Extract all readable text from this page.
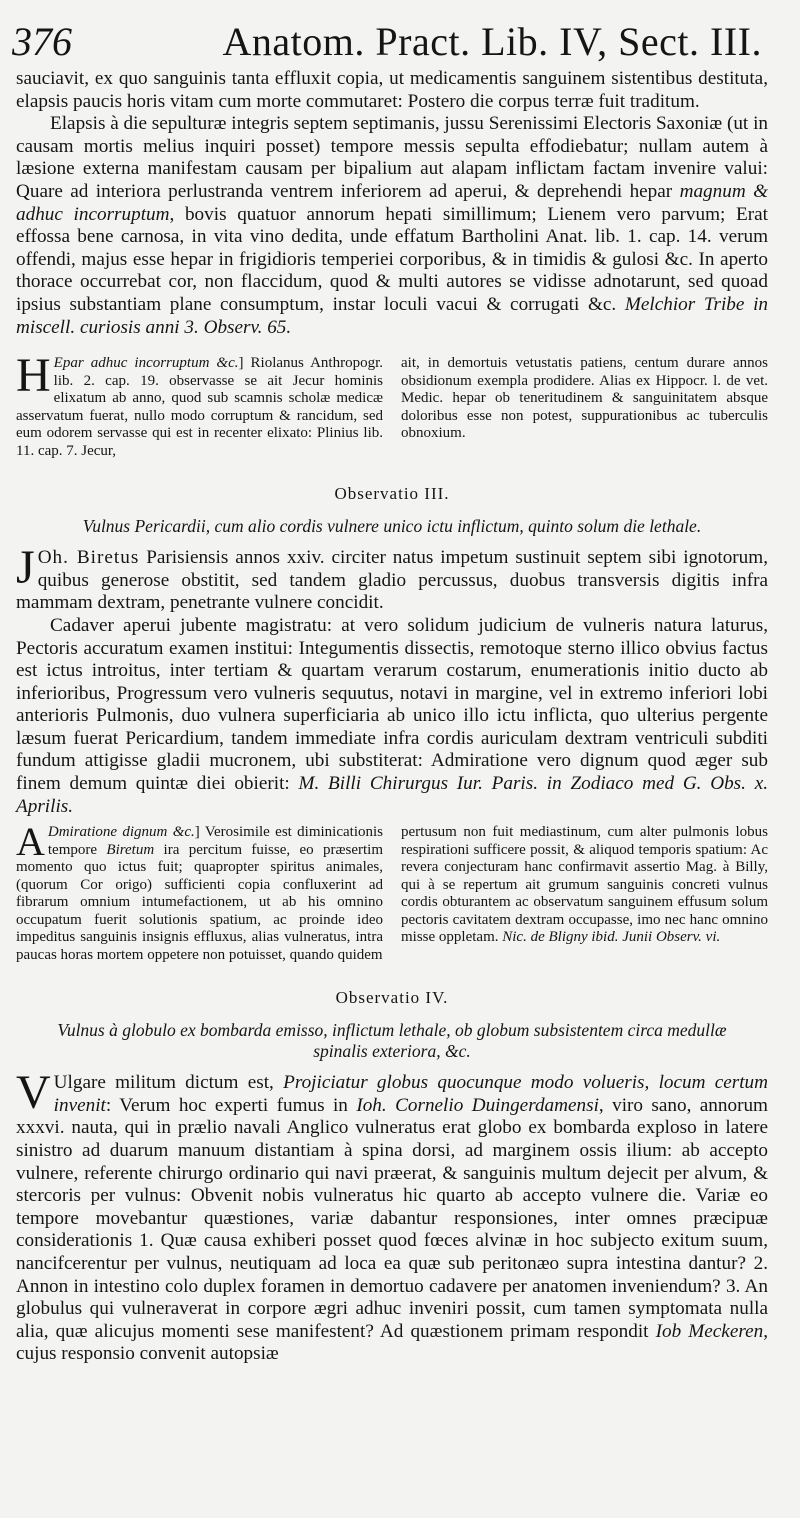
376	Anatom. Pract. Lib. IV, Sect. III.

sauciavit, ex quo sanguinis tanta effluxit copia, ut medicamentis sanguinem sistentibus destituta, elapsis paucis horis vitam cum morte commutaret: Postero die corpus terræ fuit traditum.

Elapsis à die sepulturæ integris septem septimanis, jussu Serenissimi Electoris Saxoniæ (ut in causam mortis melius inquiri posset) tempore messis sepulta effodiebatur; nullam autem à læsione externa manifestam causam per bipalium aut alapam inflictam factam invenire valui: Quare ad interiora perlustranda ventrem inferiorem ad aperui, & deprehendi hepar magnum & adhuc incorruptum, bovis quatuor annorum hepati simillimum; Lienem vero parvum; Erat effossa bene carnosa, in vita vino dedita, unde effatum Bartholini Anat. lib. 1. cap. 14. verum offendi, majus esse hepar in frigidioris temperiei corporibus, & in timidis & gulosi &c. In aperto thorace occurrebat cor, non flaccidum, quod & multi autores se vidisse adnotarunt, sed quoad ipsius substantiam plane consumptum, instar loculi vacui & corrugati &c. Melchior Tribe in miscell. curiosis anni 3. Observ. 65.

H Epar adhuc incorruptum &c.] Riolanus Anthropogr. lib. 2. cap. 19. observasse se ait Jecur hominis elixatum ab anno, quod sub scamnis scholæ medicæ asservatum fuerat, nullo modo corruptum & rancidum, sed eum odorem servasse qui est in recenter elixato: Plinius lib. 11. cap. 7. Jecur,
ait, in demortuis vetustatis patiens, centum durare annos obsidionum exempla prodidere. Alias ex Hippocr. l. de vet. Medic. hepar ob teneritudinem & sanguinitatem absque doloribus esse non potest, suppurationibus ac tuberculis obnoxium.
Observatio III.
Vulnus Pericardii, cum alio cordis vulnere unico ictu inflictum, quinto solum die lethale.

J Oh. Biretus Parisiensis annos xxiv. circiter natus impetum sustinuit septem sibi ignotorum, quibus generose obstitit, sed tandem gladio percussus, duobus transversis digitis infra mammam dextram, penetrante vulnere concidit.

Cadaver aperui jubente magistratu: at vero solidum judicium de vulneris natura laturus, Pectoris accuratum examen institui: Integumentis dissectis, remotoque sterno illico obvius factus est ictus introitus, inter tertiam & quartam verarum costarum, enumerationis initio ducto ab inferioribus, Progressum vero vulneris sequutus, notavi in margine, vel in extremo inferiori lobi anterioris Pulmonis, duo vulnera superficiaria ab unico illo ictu inflicta, quo ulterius pergente læsum fuerat Pericardium, tandem immediate infra cordis auriculam dextram ventriculi subditi fundum attigisse gladii mucronem, ubi substiterat: Admiratione vero dignum quod æger sub finem demum quintæ diei obierit: M. Billi Chirurgus Iur. Paris. in Zodiaco med G. Obs. x. Aprilis.

A Dmiratione dignum &c.] Verosimile est diminicationis tempore Biretum ira percitum fuisse, eo præsertim momento quo ictus fuit; quapropter spiritus animales, (quorum Cor origo) sufficienti copia confluxerint ad fibrarum omnium intumefactionem, ut ab his omnino occupatum fuerit solutionis spatium, ac proinde ideo impeditus sanguinis insignis effluxus, alias vulneratus, intra paucas horas mortem oppetere non potuisset, quando quidem
pertusum non fuit mediastinum, cum alter pulmonis lobus respirationi sufficere possit, & aliquod temporis spatium: Ac revera conjecturam hanc confirmavit assertio Mag. à Billy, qui à se repertum ait grumum sanguinis concreti vulnus cordis obturantem ac observatum sanguinem effusum solum pectoris cavitatem dextram occupasse, imo nec hanc omnino misse oppletam. Nic. de Bligny ibid. Junii Observ. vi.
Observatio IV.
Vulnus à globulo ex bombarda emisso, inflictum lethale, ob globum subsistentem circa medullæ spinalis exteriora, &c.

V Ulgare militum dictum est, Projiciatur globus quocunque modo volueris, locum certum invenit: Verum hoc experti fumus in Ioh. Cornelio Duingerdamensi, viro sano, annorum xxxvi. nauta, qui in prælio navali Anglico vulneratus erat globo ex bombarda exploso in latere sinistro ad duarum manuum distantiam à spina dorsi, ad marginem ossis ilium: ab accepto vulnere, referente chirurgo ordinario qui navi præerat, & sanguinis multum dejecit per alvum, & stercoris per vulnus: Obvenit nobis vulneratus hic quarto ab accepto vulnere die. Variæ eo tempore movebantur quæstiones, variæ dabantur responsiones, inter omnes præcipuæ considerationis 1. Quæ causa exhiberi posset quod fœces alvinæ in hoc subjecto exitum suum, nancifcerentur per vulnus, neutiquam ad loca ea quæ sub peritonæo supra intestina dantur? 2. Annon in intestino colo duplex foramen in demortuo cadavere per anatomen inveniendum? 3. An globulus qui vulneraverat in corpore ægri adhuc inveniri possit, cum tamen symptomata nulla alia, quæ alicujus momenti sese manifestent? Ad quæstionem primam respondit Iob Meckeren, cujus responsio convenit autopsiæ
